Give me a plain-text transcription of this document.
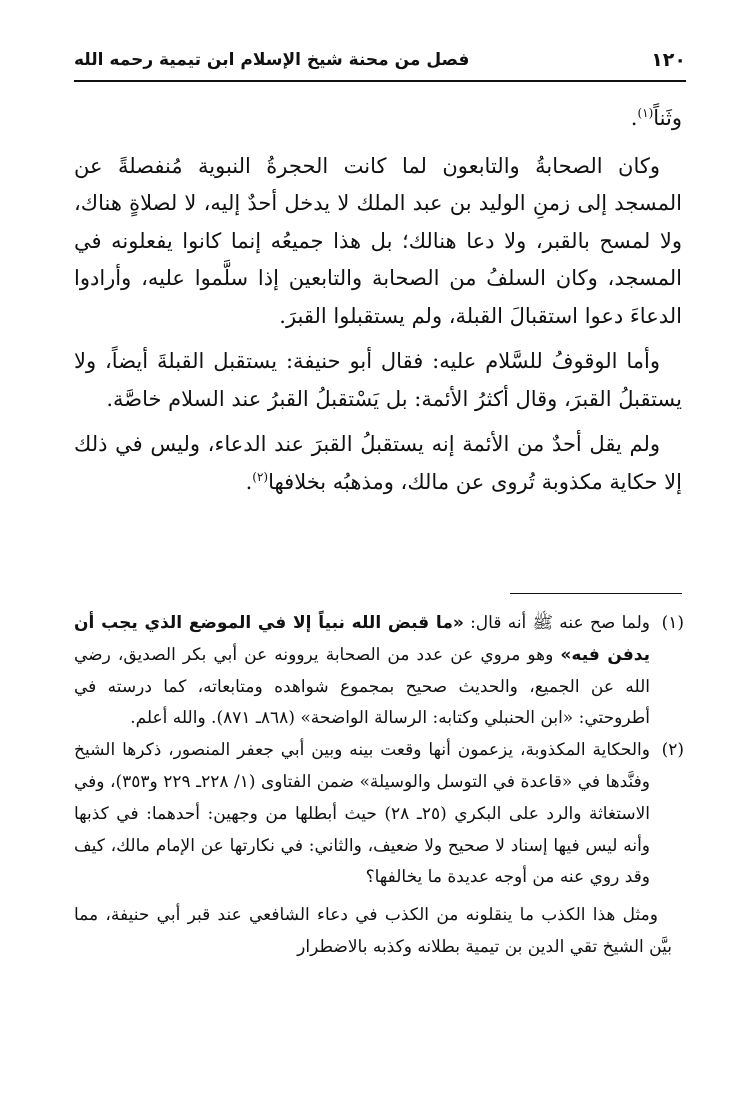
١٢٠
فصل من محنة شيخ الإسلام ابن تيمية رحمه الله

وثَناً$^{(١)}$.

وكان الصحابةُ والتابعون لما كانت الحجرةُ النبوية مُنفصلةً عن المسجد إلى زمنِ الوليد بن عبد الملك لا يدخل أحدٌ إليه، لا لصلاةٍ هناك، ولا لمسح بالقبر، ولا دعا هنالك؛ بل هذا جميعُه إنما كانوا يفعلونه في المسجد، وكان السلفُ من الصحابة والتابعين إذا سلَّموا عليه، وأرادوا الدعاءَ دعوا استقبالَ القبلة، ولم يستقبلوا القبرَ.

وأما الوقوفُ للسَّلام عليه: فقال أبو حنيفة: يستقبل القبلةَ أيضاً، ولا يستقبلُ القبرَ، وقال أكثرُ الأئمة: بل يَسْتقبلُ القبرُ عند السلام خاصَّة.

ولم يقل أحدٌ من الأئمة إنه يستقبلُ القبرَ عند الدعاء، وليس في ذلك إلا حكاية مكذوبة تُروى عن مالك، ومذهبُه بخلافها$^{(٢)}$.

(١)
ولما صح عنه ﷺ أنه قال: «ما قبض الله نبياً إلا في الموضع الذي يجب أن يدفن فيه» وهو مروي عن عدد من الصحابة يروونه عن أبي بكر الصديق، رضي الله عن الجميع، والحديث صحيح بمجموع شواهده ومتابعاته، كما درسته في أطروحتي: «ابن الحنبلي وكتابه: الرسالة الواضحة» (٨٦٨ـ ٨٧١). والله أعلم.
(٢)
والحكاية المكذوبة، يزعمون أنها وقعت بينه وبين أبي جعفر المنصور، ذكرها الشيخ وفنَّدها في «قاعدة في التوسل والوسيلة» ضمن الفتاوى (١/ ٢٢٨ـ ٢٢٩ و٣٥٣)، وفي الاستغاثة والرد على البكري (٢٥ـ ٢٨) حيث أبطلها من وجهين: أحدهما: في كذبها وأنه ليس فيها إسناد لا صحيح ولا ضعيف، والثاني: في نكارتها عن الإمام مالك، كيف وقد روي عنه من أوجه عديدة ما يخالفها؟

ومثل هذا الكذب ما ينقلونه من الكذب في دعاء الشافعي عند قبر أبي حنيفة، مما بيَّن الشيخ تقي الدين بن تيمية بطلانه وكذبه بالاضطرار
